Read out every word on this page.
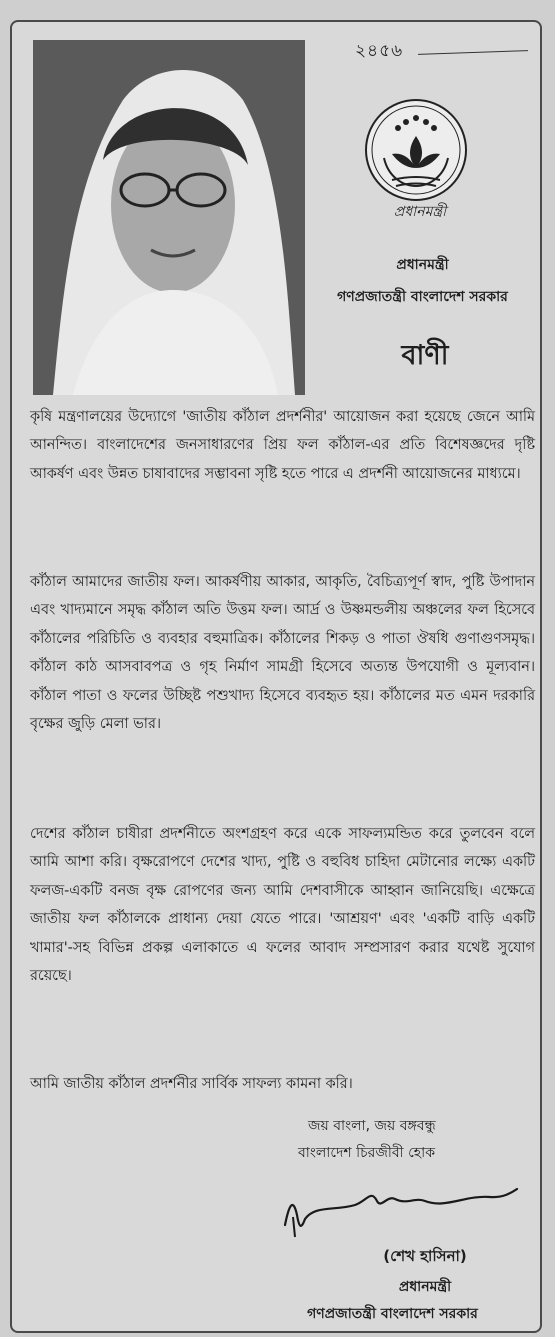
২৪৫৬
প্রধানমন্ত্রী
প্রধানমন্ত্রী
গণপ্রজাতন্ত্রী বাংলাদেশ সরকার
বাণী

কৃষি মন্ত্রণালয়ের উদ্যোগে 'জাতীয় কাঁঠাল প্রদর্শনীর' আয়োজন করা হয়েছে জেনে আমি আনন্দিত। বাংলাদেশের জনসাধারণের প্রিয় ফল কাঁঠাল-এর প্রতি বিশেষজ্ঞদের দৃষ্টি আকর্ষণ এবং উন্নত চাষাবাদের সম্ভাবনা সৃষ্টি হতে পারে এ প্রদর্শনী আয়োজনের মাধ্যমে।

কাঁঠাল আমাদের জাতীয় ফল। আকর্ষণীয় আকার, আকৃতি, বৈচিত্র্যপূর্ণ স্বাদ, পুষ্টি উপাদান এবং খাদ্যমানে সমৃদ্ধ কাঁঠাল অতি উত্তম ফল। আর্দ্র ও উষ্ণমন্ডলীয় অঞ্চলের ফল হিসেবে কাঁঠালের পরিচিতি ও ব্যবহার বহুমাত্রিক। কাঁঠালের শিকড় ও পাতা ঔষধি গুণাগুণসমৃদ্ধ। কাঁঠাল কাঠ আসবাবপত্র ও গৃহ নির্মাণ সামগ্রী হিসেবে অত্যন্ত উপযোগী ও মূল্যবান। কাঁঠাল পাতা ও ফলের উচ্ছিষ্ট পশুখাদ্য হিসেবে ব্যবহৃত হয়। কাঁঠালের মত এমন দরকারি বৃক্ষের জুড়ি মেলা ভার।

দেশের কাঁঠাল চাষীরা প্রদর্শনীতে অংশগ্রহণ করে একে সাফল্যমন্ডিত করে তুলবেন বলে আমি আশা করি। বৃক্ষরোপণে দেশের খাদ্য, পুষ্টি ও বহুবিধ চাহিদা মেটানোর লক্ষ্যে একটি ফলজ-একটি বনজ বৃক্ষ রোপণের জন্য আমি দেশবাসীকে আহ্বান জানিয়েছি। এক্ষেত্রে জাতীয় ফল কাঁঠালকে প্রাধান্য দেয়া যেতে পারে। 'আশ্রয়ণ' এবং 'একটি বাড়ি একটি খামার'-সহ বিভিন্ন প্রকল্প এলাকাতে এ ফলের আবাদ সম্প্রসারণ করার যথেষ্ট সুযোগ রয়েছে।

আমি জাতীয় কাঁঠাল প্রদর্শনীর সার্বিক সাফল্য কামনা করি।

জয় বাংলা, জয় বঙ্গবন্ধু
বাংলাদেশ চিরজীবী হোক
(শেখ হাসিনা)
প্রধানমন্ত্রী
গণপ্রজাতন্ত্রী বাংলাদেশ সরকার
